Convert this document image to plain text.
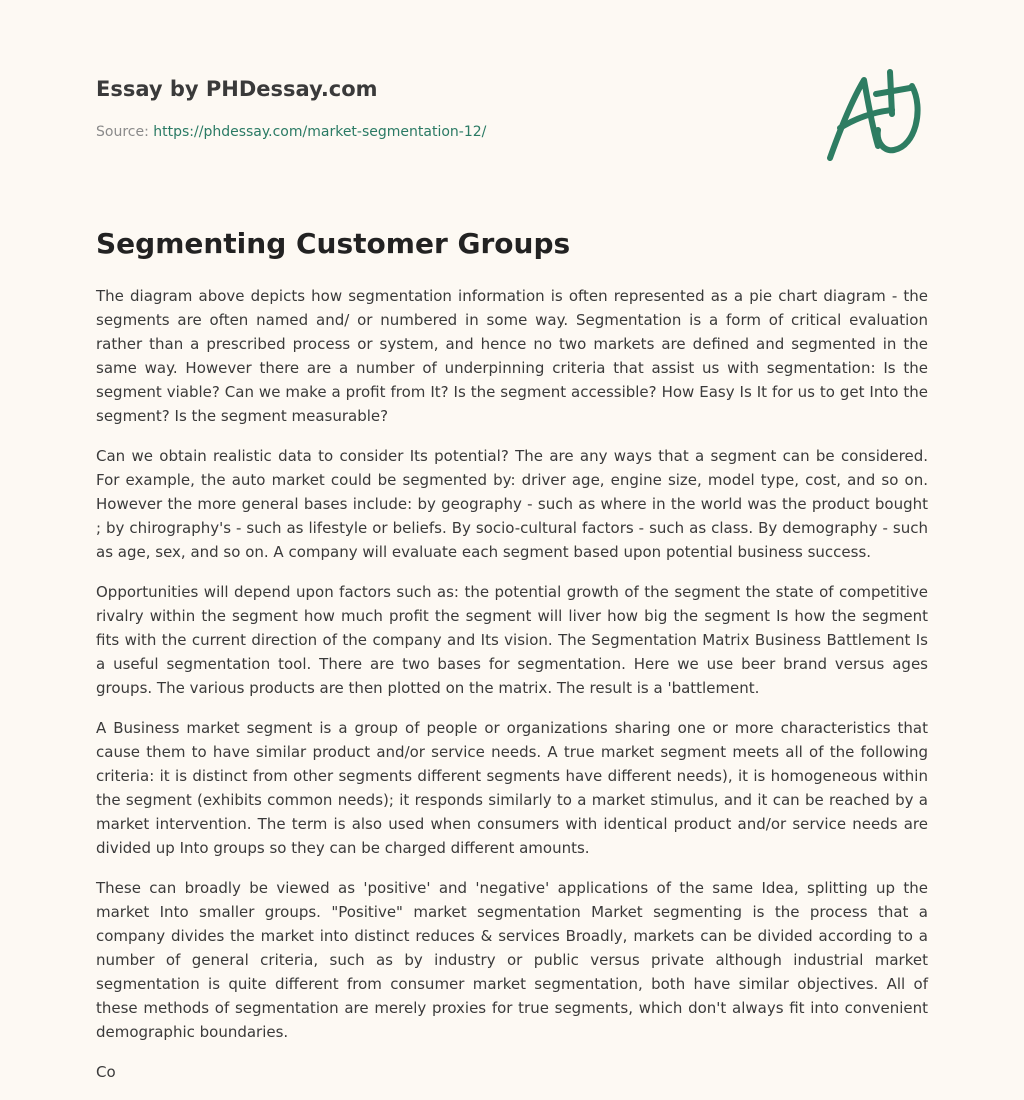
Essay by PHDessay.com
Source: https://phdessay.com/market-segmentation-12/
Segmenting Customer Groups

The diagram above depicts how segmentation information is often represented as a pie chart diagram - the segments are often named and/ or numbered in some way. Segmentation is a form of critical evaluation rather than a prescribed process or system, and hence no two markets are defined and segmented in the same way. However there are a number of underpinning criteria that assist us with segmentation: Is the segment viable? Can we make a profit from It? Is the segment accessible? How Easy Is It for us to get Into the segment? Is the segment measurable?

Can we obtain realistic data to consider Its potential? The are any ways that a segment can be considered. For example, the auto market could be segmented by: driver age, engine size, model type, cost, and so on. However the more general bases include: by geography - such as where in the world was the product bought ; by chirography's - such as lifestyle or beliefs. By socio-cultural factors - such as class. By demography - such as age, sex, and so on. A company will evaluate each segment based upon potential business success.

Opportunities will depend upon factors such as: the potential growth of the segment the state of competitive rivalry within the segment how much profit the segment will liver how big the segment Is how the segment fits with the current direction of the company and Its vision. The Segmentation Matrix Business Battlement Is a useful segmentation tool. There are two bases for segmentation. Here we use beer brand versus ages groups. The various products are then plotted on the matrix. The result is a 'battlement.

A Business market segment is a group of people or organizations sharing one or more characteristics that cause them to have similar product and/or service needs. A true market segment meets all of the following criteria: it is distinct from other segments different segments have different needs), it is homogeneous within the segment (exhibits common needs); it responds similarly to a market stimulus, and it can be reached by a market intervention. The term is also used when consumers with identical product and/or service needs are divided up Into groups so they can be charged different amounts.

These can broadly be viewed as 'positive' and 'negative' applications of the same Idea, splitting up the market Into smaller groups. "Positive" market segmentation Market segmenting is the process that a company divides the market into distinct reduces & services Broadly, markets can be divided according to a number of general criteria, such as by industry or public versus private although industrial market segmentation is quite different from consumer market segmentation, both have similar objectives. All of these methods of segmentation are merely proxies for true segments, which don't always fit into convenient demographic boundaries.

Co
